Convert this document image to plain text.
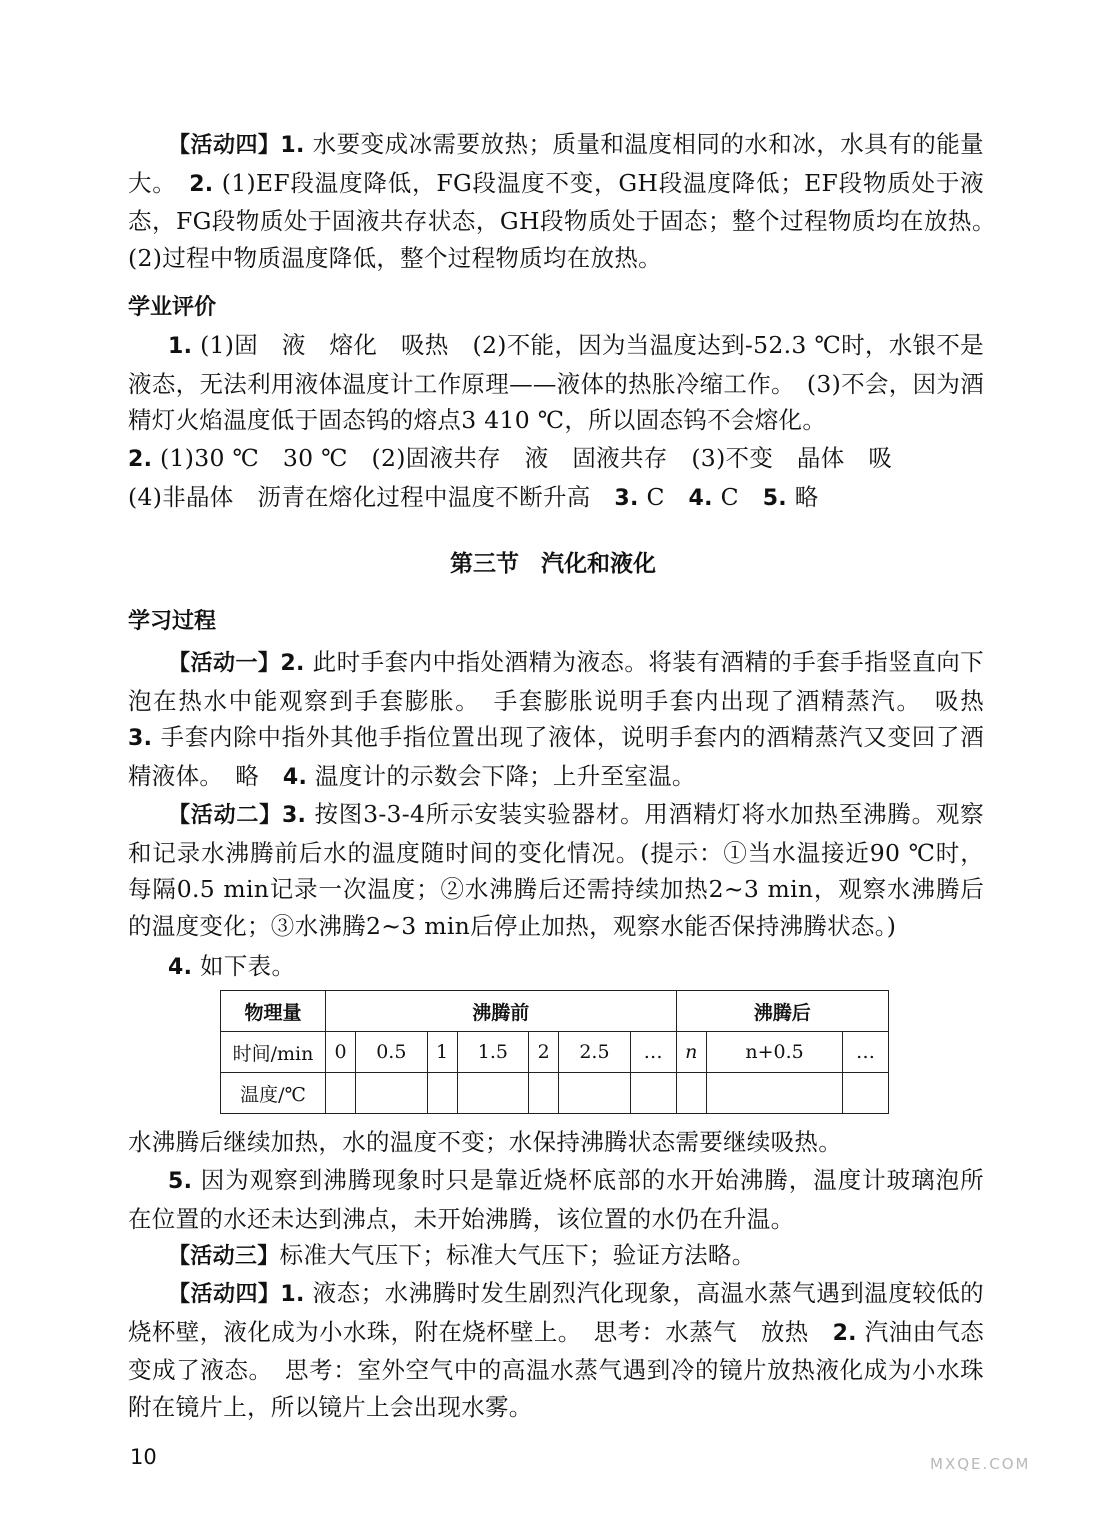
【活动四】1. 水要变成冰需要放热；质量和温度相同的水和冰，水具有的能量大。　 2. (1)EF段温度降低，FG段温度不变，GH段温度降低；EF段物质处于液态，FG段物质处于固液共存状态，GH段物质处于固态；整个过程物质均在放热。　(2)过程中物质温度降低，整个过程物质均在放热。

学业评价

1. (1)固　液　熔化　吸热　(2)不能，因为当温度达到-52.3 ℃时，水银不是液态，无法利用液体温度计工作原理——液体的热胀冷缩工作。　(3)不会，因为酒精灯火焰温度低于固态钨的熔点3 410 ℃，所以固态钨不会熔化。

2. (1)30 ℃　30 ℃　(2)固液共存　液　固液共存　(3)不变　晶体　吸
(4)非晶体　沥青在熔化过程中温度不断升高　 3. C　 4. C　 5. 略

第三节 汽化和液化

学习过程

【活动一】2. 此时手套内中指处酒精为液态。将装有酒精的手套手指竖直向下泡在热水中能观察到手套膨胀。　手套膨胀说明手套内出现了酒精蒸汽。　吸热　3. 手套内除中指外其他手指位置出现了液体，说明手套内的酒精蒸汽又变回了酒精液体。　略　 4. 温度计的示数会下降；上升至室温。

【活动二】3. 按图3-3-4所示安装实验器材。用酒精灯将水加热至沸腾。观察和记录水沸腾前后水的温度随时间的变化情况。(提示：①当水温接近90 ℃时，每隔0.5 min记录一次温度；②水沸腾后还需持续加热2~3 min，观察水沸腾后的温度变化；③水沸腾2~3 min后停止加热，观察水能否保持沸腾状态。)

4. 如下表。

物理量	沸腾前							沸腾后		
时间/min	0	0.5	1	1.5	2	2.5	…	n	n+0.5	…
温度/℃										

水沸腾后继续加热，水的温度不变；水保持沸腾状态需要继续吸热。

5. 因为观察到沸腾现象时只是靠近烧杯底部的水开始沸腾，温度计玻璃泡所在位置的水还未达到沸点，未开始沸腾，该位置的水仍在升温。

【活动三】标准大气压下；标准大气压下；验证方法略。

【活动四】1. 液态；水沸腾时发生剧烈汽化现象，高温水蒸气遇到温度较低的烧杯壁，液化成为小水珠，附在烧杯壁上。　思考：水蒸气　放热　 2. 汽油由气态变成了液态。　思考：室外空气中的高温水蒸气遇到冷的镜片放热液化成为小水珠附在镜片上，所以镜片上会出现水雾。

10	MXQE.COM
